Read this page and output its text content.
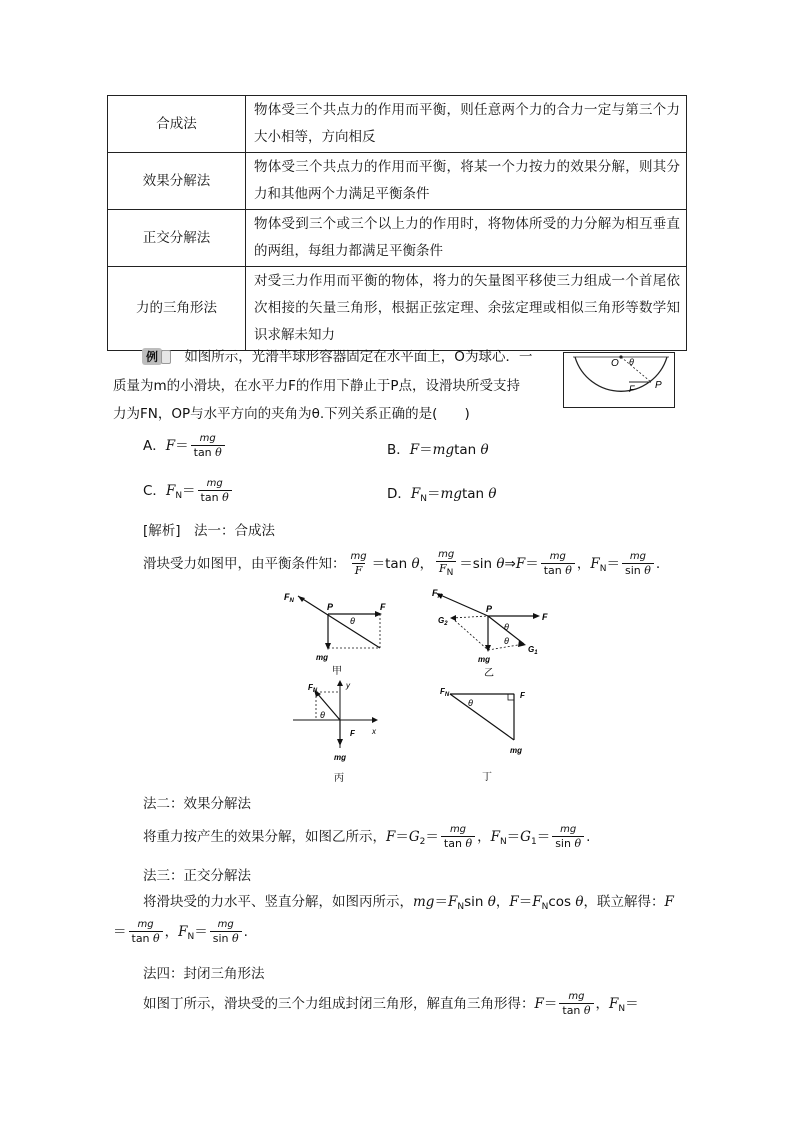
合成法	物体受三个共点力的作用而平衡，则任意两个力的合力一定与第三个力大小相等，方向相反
效果分解法	物体受三个共点力的作用而平衡，将某一个力按力的效果分解，则其分力和其他两个力满足平衡条件
正交分解法	物体受到三个或三个以上力的作用时，将物体所受的力分解为相互垂直的两组，每组力都满足平衡条件
力的三角形法	对受三力作用而平衡的物体，将力的矢量图平移使三力组成一个首尾依次相接的矢量三角形，根据正弦定理、余弦定理或相似三角形等数学知识求解未知力
例 如图所示，光滑半球形容器固定在水平面上，O为球心．一
质量为m的小滑块，在水平力F的作用下静止于P点，设滑块所受支持
力为FN，OP与水平方向的夹角为θ.下列关系正确的是(　　)
O θ
F P
A．$F= \frac{mg}{\text{tan θ}}$	B．F＝mgtan θ
C．$F_N= \frac{mg}{\text{tan θ}}$	D．$F_N=mgtan$ θ
[解析]　法一：合成法
滑块受力如图甲，由平衡条件知： $\frac{mg}{F} =\tan$ θ， $\frac{mg}{F_N} =\sin$ θ⇒F＝ $\frac{mg}{\text{tan θ}}$ ，$F_N= \frac{mg}{\text{sin θ}}$ .
$F_N$
P	F
θ
mg
甲
$F_N$
P
F
θ
θ
$G_2$
$G_1$
mg
乙
$F_N$
y
x
θ
F
mg
丙
$F_N$
θ
F
mg
丁
法二：效果分解法
将重力按产生的效果分解，如图乙所示，$F=G_2= \frac{mg}{\text{tan θ}}$ ，$F_N=G_1= \frac{mg}{\text{sin θ}}$ .
法三：正交分解法
将滑块受的力水平、竖直分解，如图丙所示，$mg=F_N\sin$ θ，$F=F_N\cos$ θ，联立解得：F
＝ $\frac{mg}{\text{tan θ}}$ ，$F_N= \frac{mg}{\text{sin θ}}$ .
法四：封闭三角形法
如图丁所示，滑块受的三个力组成封闭三角形，解直角三角形得：$F= \frac{mg}{\text{tan θ}}$ ，$F_N=$
